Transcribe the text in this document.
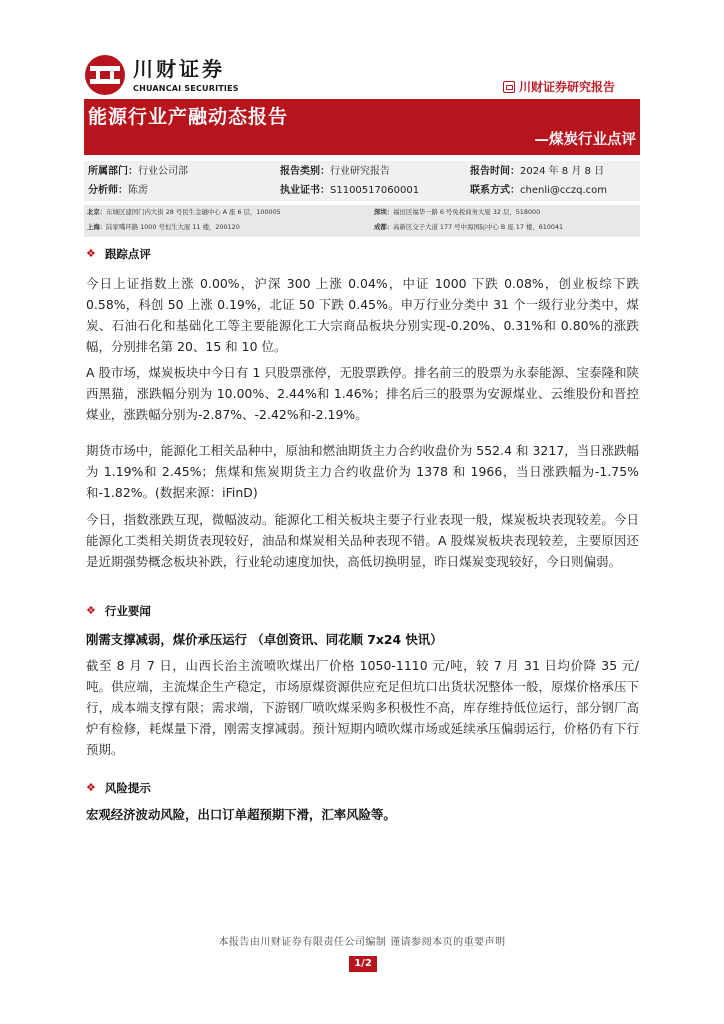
川财证券
CHUANCAI SECURITIES	川财证券研究报告
能源行业产融动态报告
—煤炭行业点评
所属部门：行业公司部	报告类别：行业研究报告	报告时间：2024 年 8 月 8 日
分析师：陈雳	执业证书：S1100517060001	联系方式：chenli@cczq.com
北京：东城区建国门内大街 28 号民生金融中心 A 座 6 层，100005	深圳：福田区福华一路 6 号免税商务大厦 32 层，518000
上海：陆家嘴环路 1000 号恒生大厦 11 楼，200120	成都：高新区交子大道 177 号中海国际中心 B 座 17 楼，610041
❖ 跟踪点评

今日上证指数上涨 0.00%，沪深 300 上涨 0.04%，中证 1000 下跌 0.08%，创业板综下跌 0.58%，科创 50 上涨 0.19%，北证 50 下跌 0.45%。申万行业分类中 31 个一级行业分类中，煤炭、石油石化和基础化工等主要能源化工大宗商品板块分别实现-0.20%、0.31%和 0.80%的涨跌幅，分别排名第 20、15 和 10 位。

A 股市场，煤炭板块中今日有 1 只股票涨停，无股票跌停。排名前三的股票为永泰能源、宝泰隆和陕西黑猫，涨跌幅分别为 10.00%、2.44%和 1.46%；排名后三的股票为安源煤业、云维股份和晋控煤业，涨跌幅分别为-2.87%、-2.42%和-2.19%。

期货市场中，能源化工相关品种中，原油和燃油期货主力合约收盘价为 552.4 和 3217，当日涨跌幅为 1.19%和 2.45%；焦煤和焦炭期货主力合约收盘价为 1378 和 1966，当日涨跌幅为-1.75%和-1.82%。(数据来源：iFinD)

今日，指数涨跌互现，微幅波动。能源化工相关板块主要子行业表现一般，煤炭板块表现较差。今日能源化工类相关期货表现较好，油品和煤炭相关品种表现不错。A 股煤炭板块表现较差，主要原因还是近期强势概念板块补跌，行业轮动速度加快，高低切换明显，昨日煤炭变现较好，今日则偏弱。

❖ 行业要闻
刚需支撑减弱，煤价承压运行 （卓创资讯、同花顺 7x24 快讯）

截至 8 月 7 日，山西长治主流喷吹煤出厂价格 1050-1110 元/吨，较 7 月 31 日均价降 35 元/吨。供应端，主流煤企生产稳定，市场原煤资源供应充足但坑口出货状况整体一般，原煤价格承压下行，成本端支撑有限；需求端，下游钢厂喷吹煤采购多积极性不高，库存维持低位运行，部分钢厂高炉有检修，耗煤量下滑，刚需支撑减弱。预计短期内喷吹煤市场或延续承压偏弱运行，价格仍有下行预期。

❖ 风险提示
宏观经济波动风险，出口订单超预期下滑，汇率风险等。
本报告由川财证券有限责任公司编制 谨请参阅本页的重要声明
1/2
